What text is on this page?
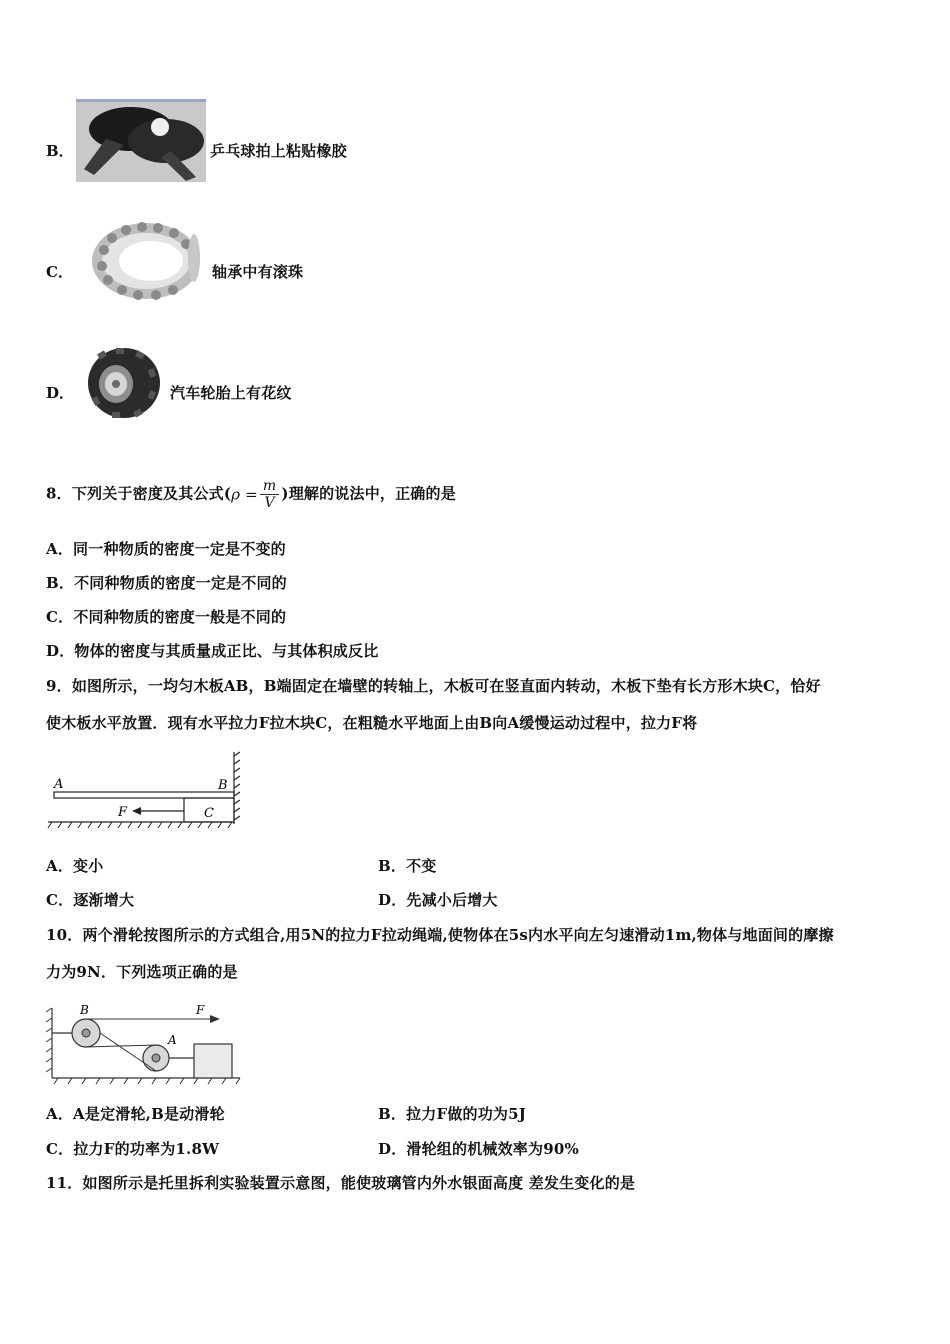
B．	乒乓球拍上粘贴橡胶
C．	轴承中有滚珠
D．	汽车轮胎上有花纹
8．下列关于密度及其公式($\rho = \frac{m}{V}$ )理解的说法中，正确的是
A．同一种物质的密度一定是不变的
B．不同种物质的密度一定是不同的
C．不同种物质的密度一般是不同的
D．物体的密度与其质量成正比、与其体积成反比
9．如图所示，一均匀木板AB，B端固定在墙壁的转轴上，木板可在竖直面内转动，木板下垫有长方形木块C，恰好
使木板水平放置．现有水平拉力F拉木块C，在粗糙水平地面上由B向A缓慢运动过程中，拉力F将
A	B
C
F
A．变小	B．不变
C．逐渐增大	D．先减小后增大
10．两个滑轮按图所示的方式组合,用5N的拉力F拉动绳端,使物体在5s内水平向左匀速滑动1m,物体与地面间的摩擦
力为9N．下列选项正确的是
B
A
F
A．A是定滑轮,B是动滑轮	B．拉力F做的功为5J
C．拉力F的功率为1.8W	D．滑轮组的机械效率为90%
11．如图所示是托里拆利实验装置示意图，能使玻璃管内外水银面高度 差发生变化的是
